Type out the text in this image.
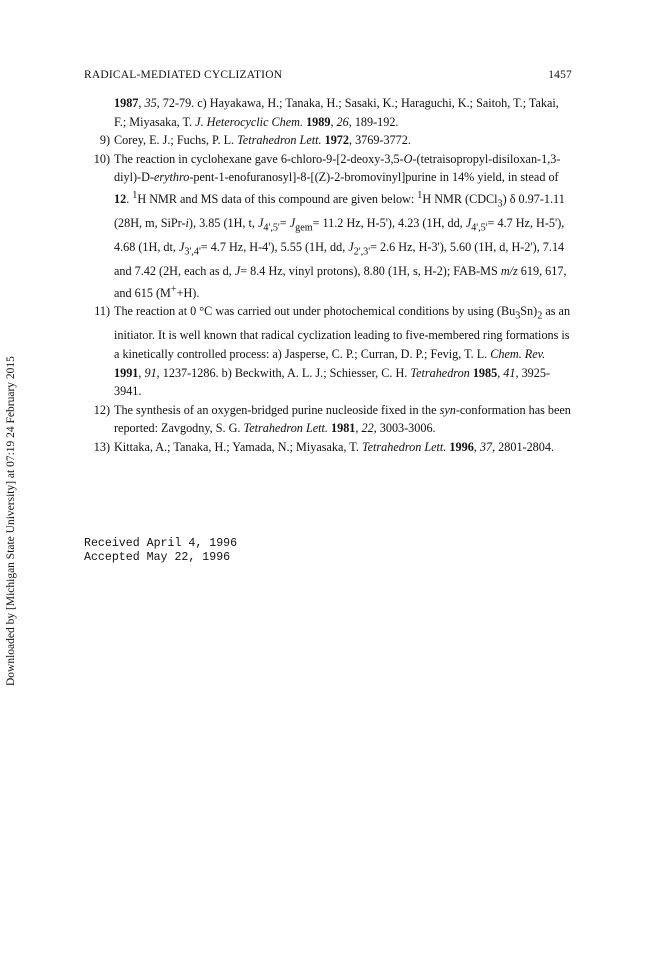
RADICAL-MEDIATED CYCLIZATION	1457
Downloaded by [Michigan State University] at 07:19 24 February 2015
1987, 35, 72-79. c) Hayakawa, H.; Tanaka, H.; Sasaki, K.; Haraguchi, K.; Saitoh, T.; Takai, F.; Miyasaka, T. J. Heterocyclic Chem. 1989, 26, 189-192.
9) Corey, E. J.; Fuchs, P. L. Tetrahedron Lett. 1972, 3769-3772.
10) The reaction in cyclohexane gave 6-chloro-9-[2-deoxy-3,5-O-(tetraisopropyl-disiloxan-1,3-diyl)-D-erythro-pent-1-enofuranosyl]-8-[(Z)-2-bromovinyl]purine in 14% yield, in stead of 12. $^1$H NMR and MS data of this compound are given below: $^1$H NMR (CDCl$_3$) δ 0.97-1.11 (28H, m, SiPr-i), 3.85 (1H, t, $J_{4',5'}= J_{gem}= 11.2$ Hz, H-5'), 4.23 (1H, dd, $J_{4',5'}= 4.7$ Hz, H-5'), 4.68 (1H, dt, $J_{3',4'}= 4.7$ Hz, H-4'), 5.55 (1H, dd, $J_{2',3'}= 2.6$ Hz, H-3'), 5.60 (1H, d, H-2'), 7.14 and 7.42 (2H, each as d, J= 8.4 Hz, vinyl protons), 8.80 (1H, s, H-2); FAB-MS m/z 619, 617, and 615 (M++H).
11) The reaction at 0 °C was carried out under photochemical conditions by using $(Bu_3Sn)_2$ as an initiator. It is well known that radical cyclization leading to five-membered ring formations is a kinetically controlled process: a) Jasperse, C. P.; Curran, D. P.; Fevig, T. L. Chem. Rev. 1991, 91, 1237-1286. b) Beckwith, A. L. J.; Schiesser, C. H. Tetrahedron 1985, 41, 3925-3941.
12) The synthesis of an oxygen-bridged purine nucleoside fixed in the syn-conformation has been reported: Zavgodny, S. G. Tetrahedron Lett. 1981, 22, 3003-3006.
13) Kittaka, A.; Tanaka, H.; Yamada, N.; Miyasaka, T. Tetrahedron Lett. 1996, 37, 2801-2804.
Received April 4, 1996
Accepted May 22, 1996
